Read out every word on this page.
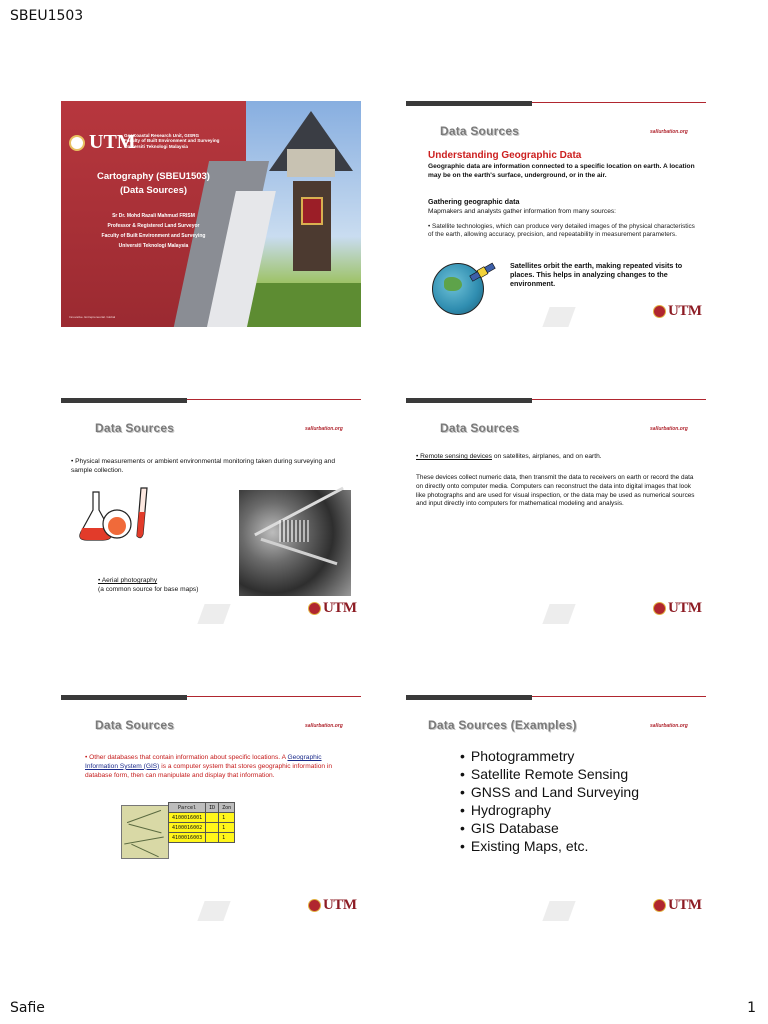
SBEU1503
UTM
GeoCoastal Research Unit, GISRG
Faculty of Built Environment and Surveying
Universiti Teknologi Malaysia
Cartography (SBEU1503)
(Data Sources)
Sr Dr. Mohd Razali Mahmud FRISM
Professor & Registered Land Surveyor
Faculty of Built Environment and Surveying
Universiti Teknologi Malaysia
Innovative. Entrepreneurial. Global
Data Sources	sallurbation.org
Understanding Geographic Data
Geographic data are information connected to a specific location on earth. A location may be on the earth's surface, underground, or in the air.
Gathering geographic data
Mapmakers and analysts gather information from many sources:
• Satellite technologies, which can produce very detailed images of the physical characteristics of the earth, allowing accuracy, precision, and repeatability in measurement parameters.
Satellites orbit the earth, making repeated visits to places. This helps in analyzing changes to the environment.
UTM
Data Sources	sallurbation.org
• Physical measurements or ambient environmental monitoring taken during surveying and sample collection.
• Aerial photography
(a common source for base maps)
UTM
Data Sources	sallurbation.org
• Remote sensing devices on satellites, airplanes, and on earth.
These devices collect numeric data, then transmit the data to receivers on earth or record the data on directly onto computer media. Computers can reconstruct the data into digital images that look like photographs and are used for visual inspection, or the data may be used as numerical sources and input directly into computers for mathematical modeling and analysis.
UTM
Data Sources	sallurbation.org
• Other databases that contain information about specific locations. A Geographic Information System (GIS) is a computer system that stores geographic information in database form, then can manipulate and display that information.
Parcel	ID	Zon
4100016001		1
4100016002		1
4100016003		1
UTM
Data Sources (Examples)	sallurbation.org
• Photogrammetry
• Satellite Remote Sensing
• GNSS and Land Surveying
• Hydrography
• GIS Database
• Existing Maps, etc.
UTM
Safie	1
